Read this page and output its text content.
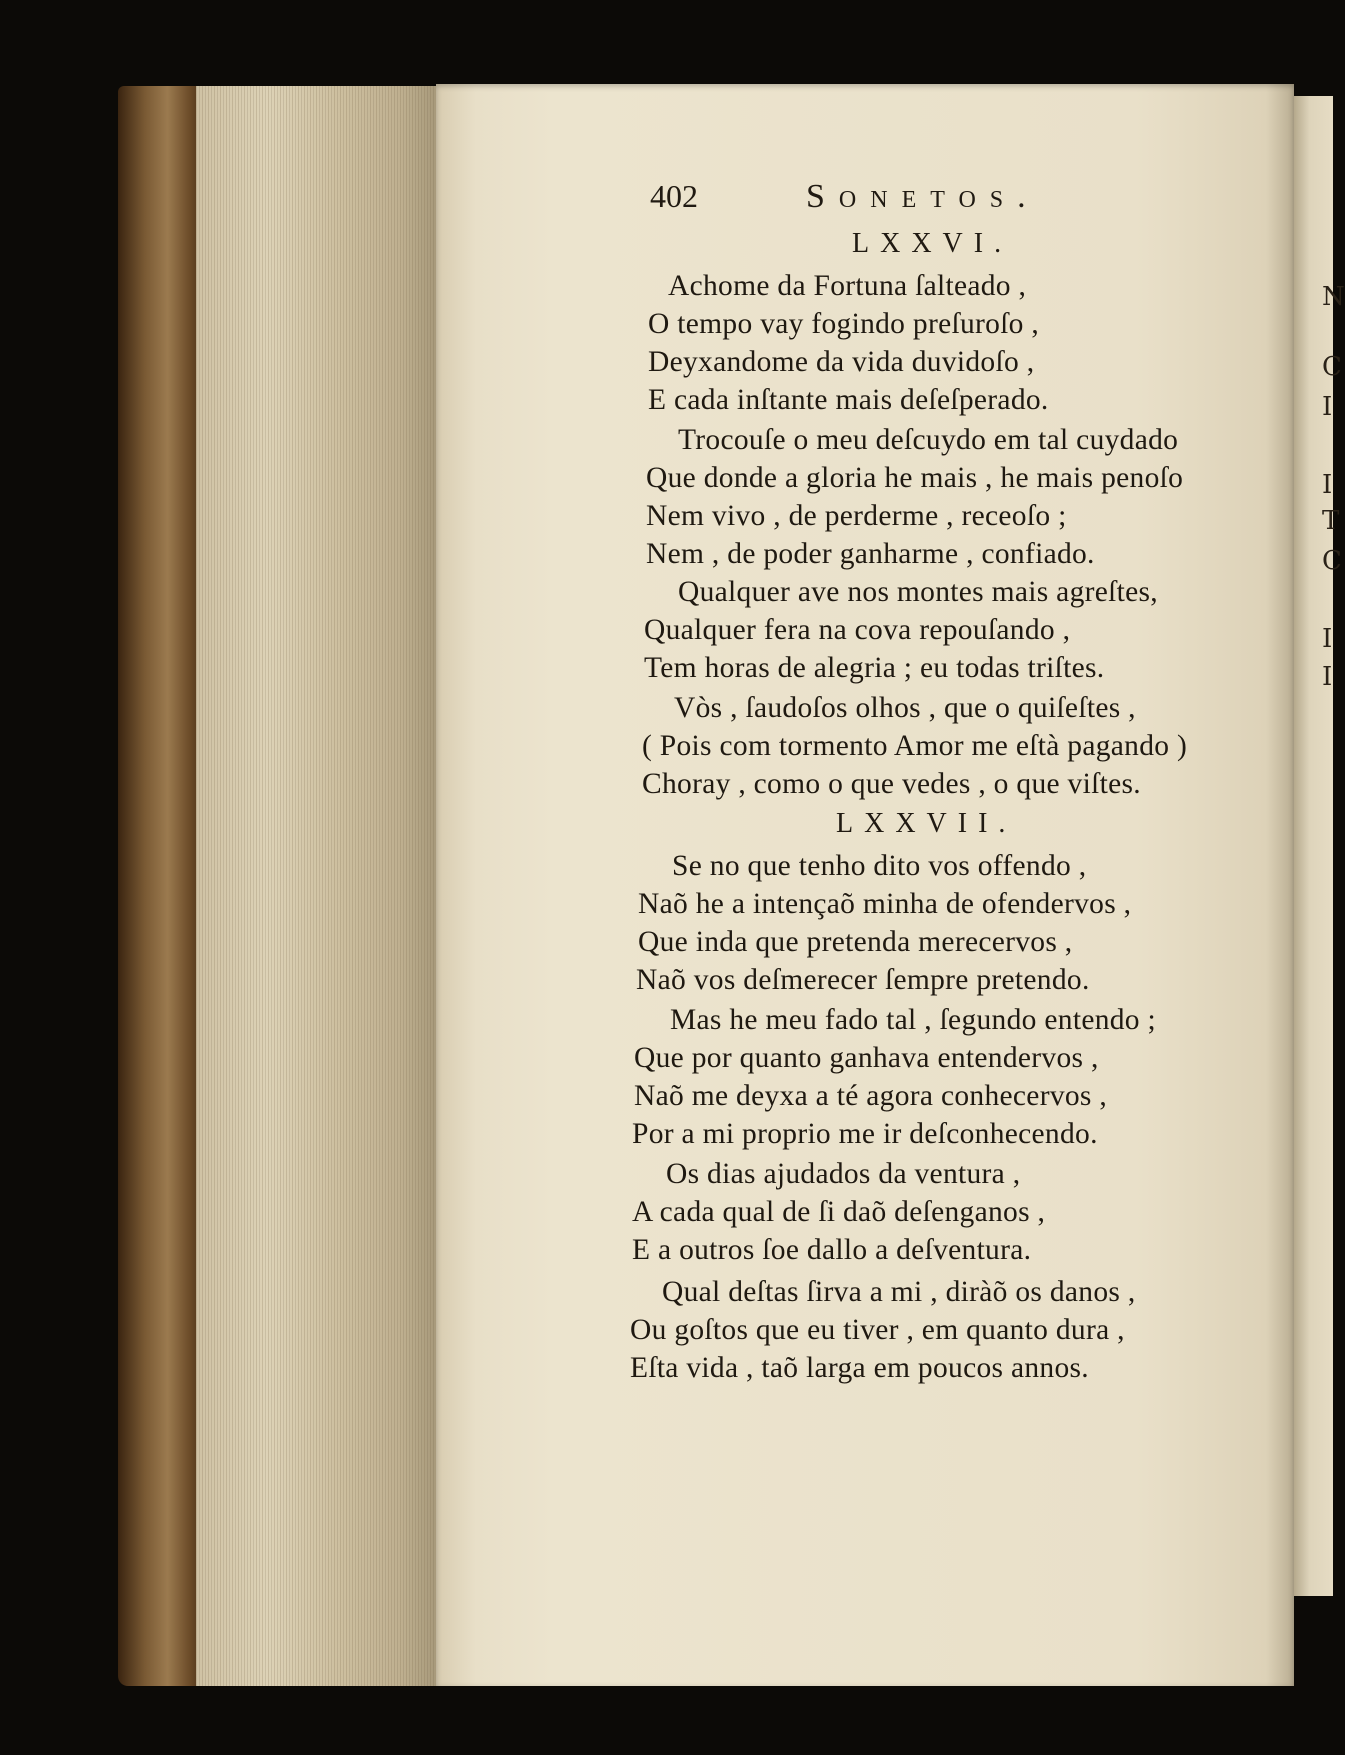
N
C
I
I
T
C
I
I
402	Sonetos.
LXXVI.
Achome da Fortuna ſalteado ,
O tempo vay fogindo preſuroſo ,
Deyxandome da vida duvidoſo ,
E cada inſtante mais deſeſperado.
Trocouſe o meu deſcuydo em tal cuydado
Que donde a gloria he mais , he mais penoſo
Nem vivo , de perderme , receoſo ;
Nem , de poder ganharme , confiado.
Qualquer ave nos montes mais agreſtes,
Qualquer fera na cova repouſando ,
Tem horas de alegria ; eu todas triſtes.
Vòs , ſaudoſos olhos , que o quiſeſtes ,
( Pois com tormento Amor me eſtà pagando )
Choray , como o que vedes , o que viſtes.
LXXVII.
Se no que tenho dito vos offendo ,
Naõ he a intençaõ minha de ofendervos ,
Que inda que pretenda merecervos ,
Naõ vos deſmerecer ſempre pretendo.
Mas he meu fado tal , ſegundo entendo ;
Que por quanto ganhava entendervos ,
Naõ me deyxa a té agora conhecervos ,
Por a mi proprio me ir deſconhecendo.
Os dias ajudados da ventura ,
A cada qual de ſi daõ deſenganos ,
E a outros ſoe dallo a deſventura.
Qual deſtas ſirva a mi , diràõ os danos ,
Ou goſtos que eu tiver , em quanto dura ,
Eſta vida , taõ larga em poucos annos.
